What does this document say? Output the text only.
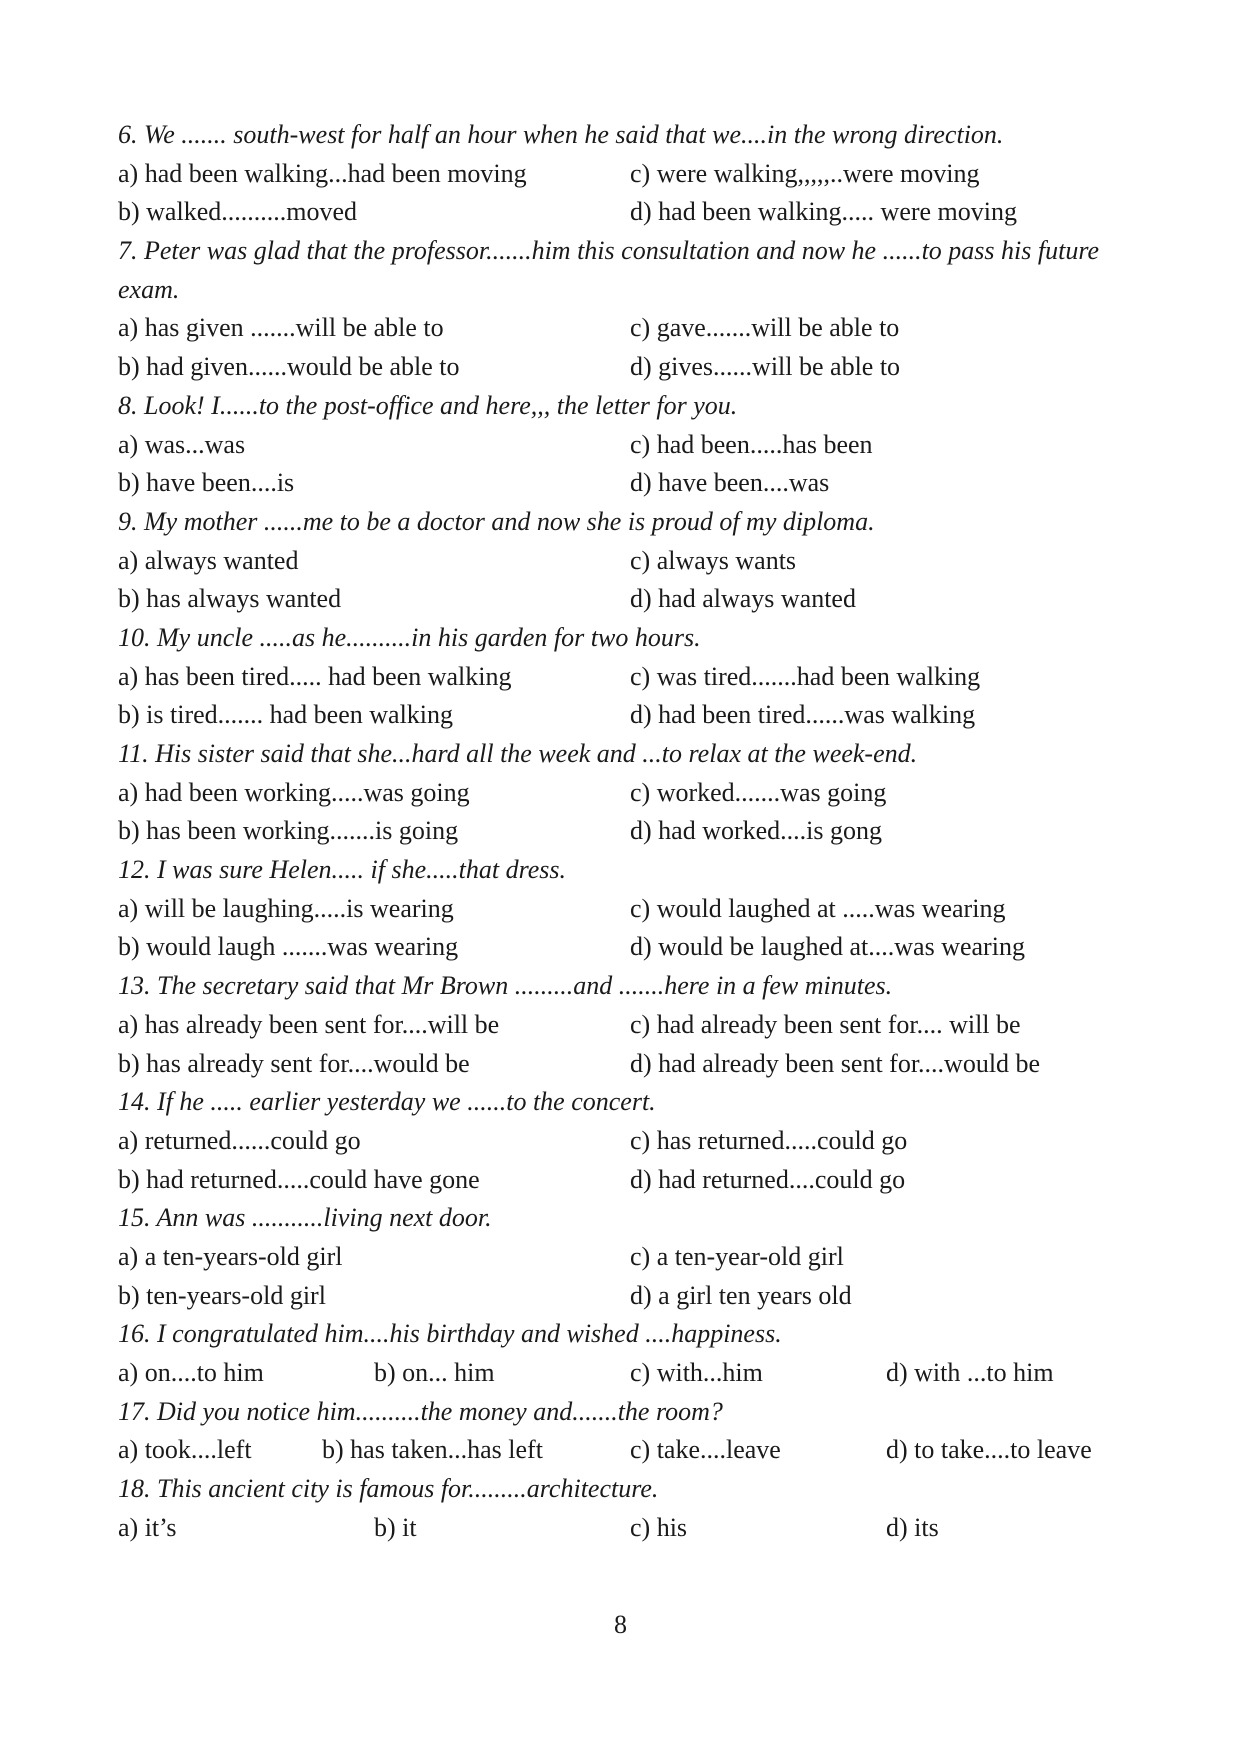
6. We ....... south-west for half an hour when he said that we....in the wrong direction.
a) had been walking...had been moving	c) were walking,,,,,..were moving
b) walked..........moved	d) had been walking..... were moving
7. Peter was glad that the professor.......him this consultation and now he ......to pass his future exam.
a) has given .......will be able to	c) gave.......will be able to
b) had given......would be able to	d) gives......will be able to
8. Look! I......to the post-office and here,,, the letter for you.
a) was...was	c) had been.....has been
b) have been....is	d) have been....was
9. My mother ......me to be a doctor and now she is proud of my diploma.
a) always wanted	c) always wants
b) has always wanted	d) had always wanted
10. My uncle .....as he..........in his garden for two hours.
a) has been tired..... had been walking	c) was tired.......had been walking
b) is tired....... had been walking	d) had been tired......was walking
11. His sister said that she...hard all the week and ...to relax at the week-end.
a) had been working.....was going	c) worked.......was going
b) has been working.......is going	d) had worked....is gong
12. I was sure Helen..... if she.....that dress.
a) will be laughing.....is wearing	c) would laughed at .....was wearing
b) would laugh .......was wearing	d) would be laughed at....was wearing
13. The secretary said that Mr Brown .........and .......here in a few minutes.
a) has already been sent for....will be	c) had already been sent for.... will be
b) has already sent for....would be	d) had already been sent for....would be
14. If he ..... earlier yesterday we ......to the concert.
a) returned......could go	c) has returned.....could go
b) had returned.....could have gone	d) had returned....could go
15. Ann was ...........living next door.
a) a ten-years-old girl	c) a ten-year-old girl
b) ten-years-old girl	d) a girl ten years old
16. I congratulated him....his birthday and wished ....happiness.
a) on....to him	b) on... him	c) with...him	d) with ...to him
17. Did you notice him..........the money and.......the room?
a) took....left	b) has taken...has left	c) take....leave	d) to take....to leave
18. This ancient city is famous for.........architecture.
a) it’s	b) it	c) his	d) its
8
